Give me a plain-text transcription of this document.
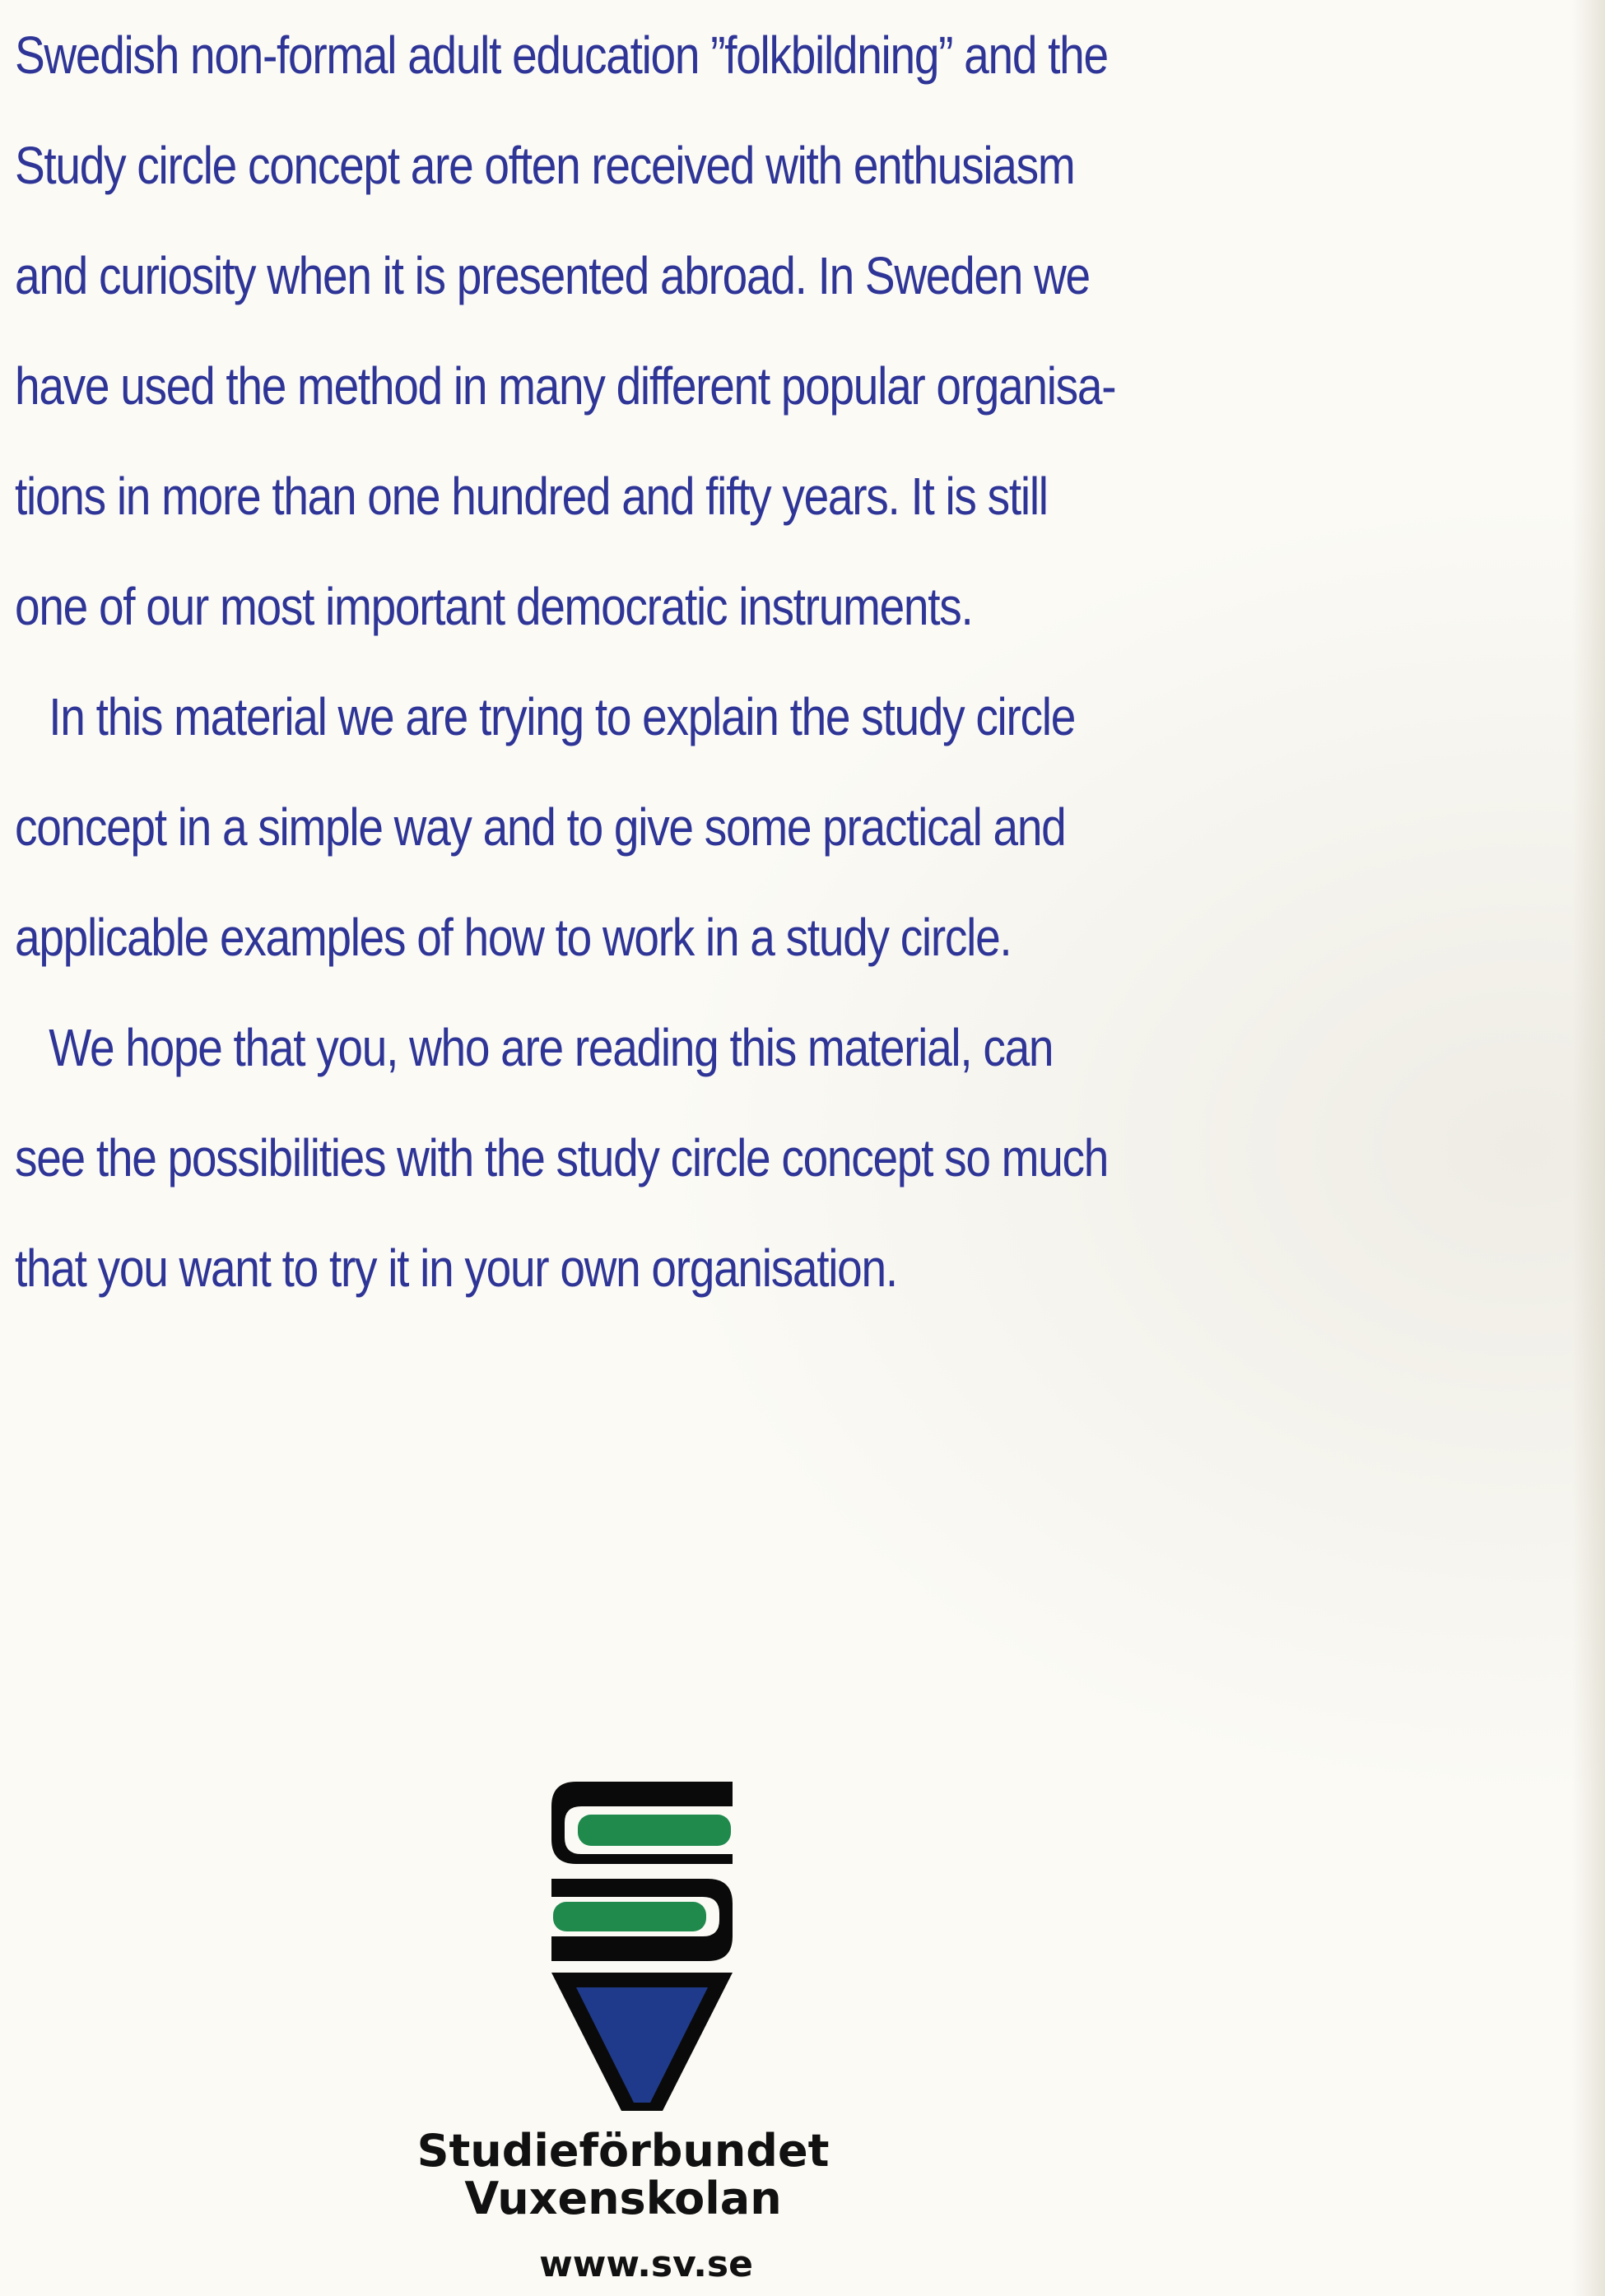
Swedish non-formal adult education ”folkbildning” and the
Study circle concept are often received with enthusiasm
and curiosity when it is presented abroad. In Sweden we
have used the method in many different popular organisa-
tions in more than one hundred and fifty years. It is still
one of our most important democratic instruments.
In this material we are trying to explain the study circle
concept in a simple way and to give some practical and
applicable examples of how to work in a study circle.
We hope that you, who are reading this material, can
see the possibilities with the study circle concept so much
that you want to try it in your own organisation.
Studieförbundet
Vuxenskolan
www.sv.se
